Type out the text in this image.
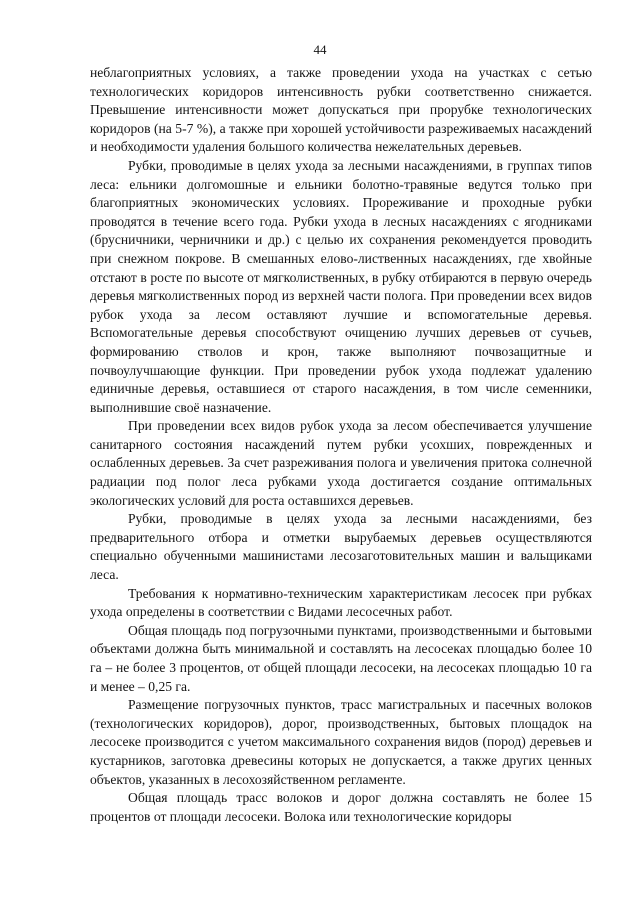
44

неблагоприятных условиях, а также проведении ухода на участках с сетью технологических коридоров интенсивность рубки соответственно снижается. Превышение интенсивности может допускаться при прорубке технологических коридоров (на 5-7 %), а также при хорошей устойчивости разреживаемых насаждений и необходимости удаления большого количества нежелательных деревьев.

Рубки, проводимые в целях ухода за лесными насаждениями, в группах типов леса: ельники долгомошные и ельники болотно-травяные ведутся только при благоприятных экономических условиях. Прореживание и проходные рубки проводятся в течение всего года. Рубки ухода в лесных насаждениях с ягодниками (брусничники, черничники и др.) с целью их сохранения рекомендуется проводить при снежном покрове. В смешанных елово-лиственных насаждениях, где хвойные отстают в росте по высоте от мягколиственных, в рубку отбираются в первую очередь деревья мягколиственных пород из верхней части полога. При проведении всех видов рубок ухода за лесом оставляют лучшие и вспомогательные деревья. Вспомогательные деревья способствуют очищению лучших деревьев от сучьев, формированию стволов и крон, также выполняют почвозащитные и почвоулучшающие функции. При проведении рубок ухода подлежат удалению единичные деревья, оставшиеся от старого насаждения, в том числе семенники, выполнившие своё назначение.

При проведении всех видов рубок ухода за лесом обеспечивается улучшение санитарного состояния насаждений путем рубки усохших, поврежденных и ослабленных деревьев. За счет разреживания полога и увеличения притока солнечной радиации под полог леса рубками ухода достигается создание оптимальных экологических условий для роста оставшихся деревьев.

Рубки, проводимые в целях ухода за лесными насаждениями, без предварительного отбора и отметки вырубаемых деревьев осуществляются специально обученными машинистами лесозаготовительных машин и вальщиками леса.

Требования к нормативно-техническим характеристикам лесосек при рубках ухода определены в соответствии с Видами лесосечных работ.

Общая площадь под погрузочными пунктами, производственными и бытовыми объектами должна быть минимальной и составлять на лесосеках площадью более 10 га – не более 3 процентов, от общей площади лесосеки, на лесосеках площадью 10 га и менее – 0,25 га.

Размещение погрузочных пунктов, трасс магистральных и пасечных волоков (технологических коридоров), дорог, производственных, бытовых площадок на лесосеке производится с учетом максимального сохранения видов (пород) деревьев и кустарников, заготовка древесины которых не допускается, а также других ценных объектов, указанных в лесохозяйственном регламенте.

Общая площадь трасс волоков и дорог должна составлять не более 15 процентов от площади лесосеки. Волока или технологические коридоры
